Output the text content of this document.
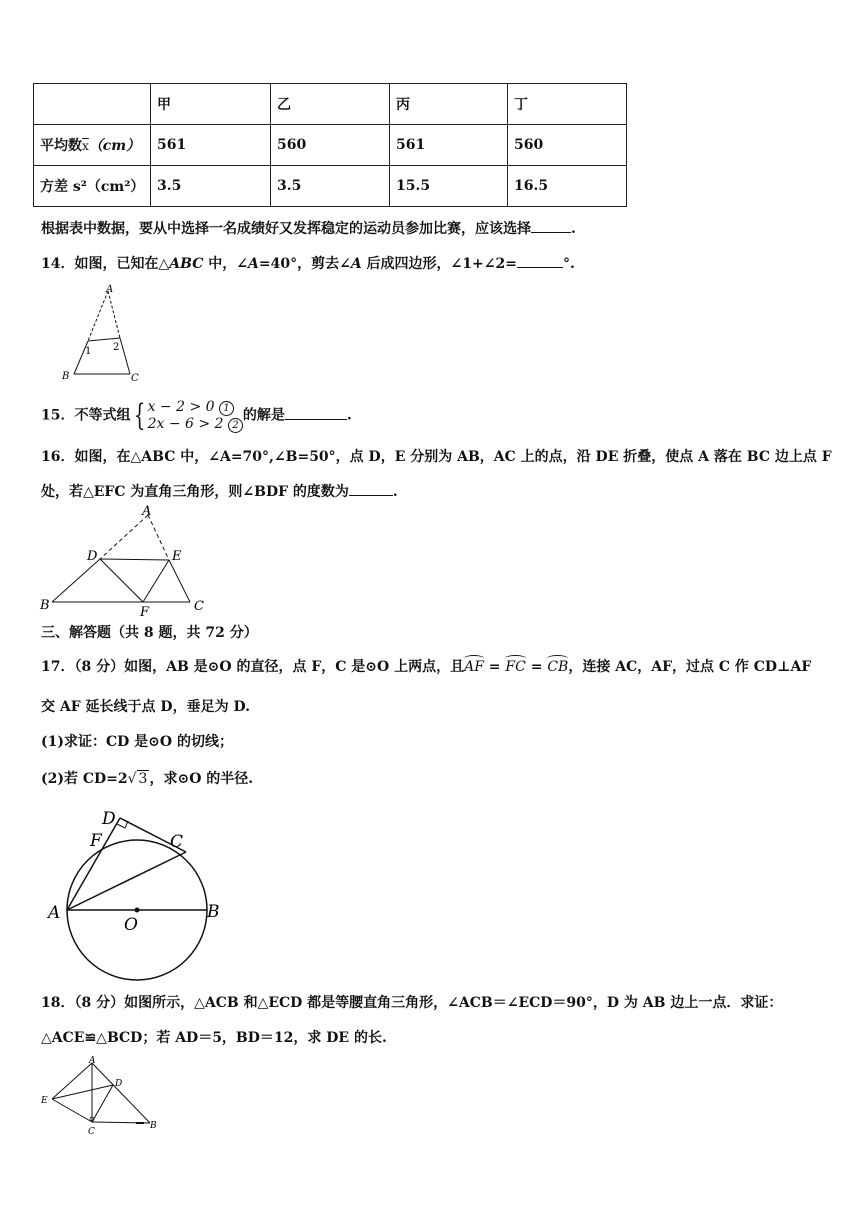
	甲	乙	丙	丁
平均数$\overline{x}(cm)$	561	560	561	560
方差 s²（cm²）	3.5	3.5	15.5	16.5
根据表中数据，要从中选择一名成绩好又发挥稳定的运动员参加比赛，应该选择	.
14．如图，已知在△ABC 中，∠A=40°，剪去∠A 后成四边形，∠1+∠2=	°.
A
B	C
1 2
15．不等式组 { x − 2 > 0 1
2x − 6 > 2 2的解是	.
16．如图，在△ABC 中，∠A=70°,∠B=50°，点 D，E 分别为 AB，AC 上的点，沿 DE 折叠，使点 A 落在 BC 边上点 F
处，若△EFC 为直角三角形，则∠BDF 的度数为	.
A
D	E
B	F	C
三、解答题（共 8 题，共 72 分）
17．（8 分）如图，AB 是⊙O 的直径，点 F，C 是⊙O 上两点，且AF = FC = CB，连接 AC，AF，过点 C 作 CD⊥AF
交 AF 延长线于点 D，垂足为 D.
(1)求证：CD 是⊙O 的切线；
(2)若 CD=2√ 3 ，求⊙O 的半径.
A	B
C
D
F
O
18．（8 分）如图所示，△ACB 和△ECD 都是等腰直角三角形，∠ACB＝∠ECD＝90°，D 为 AB 边上一点．求证：
△ACE≌△BCD；若 AD＝5，BD＝12，求 DE 的长.
A
D
E
C
B
